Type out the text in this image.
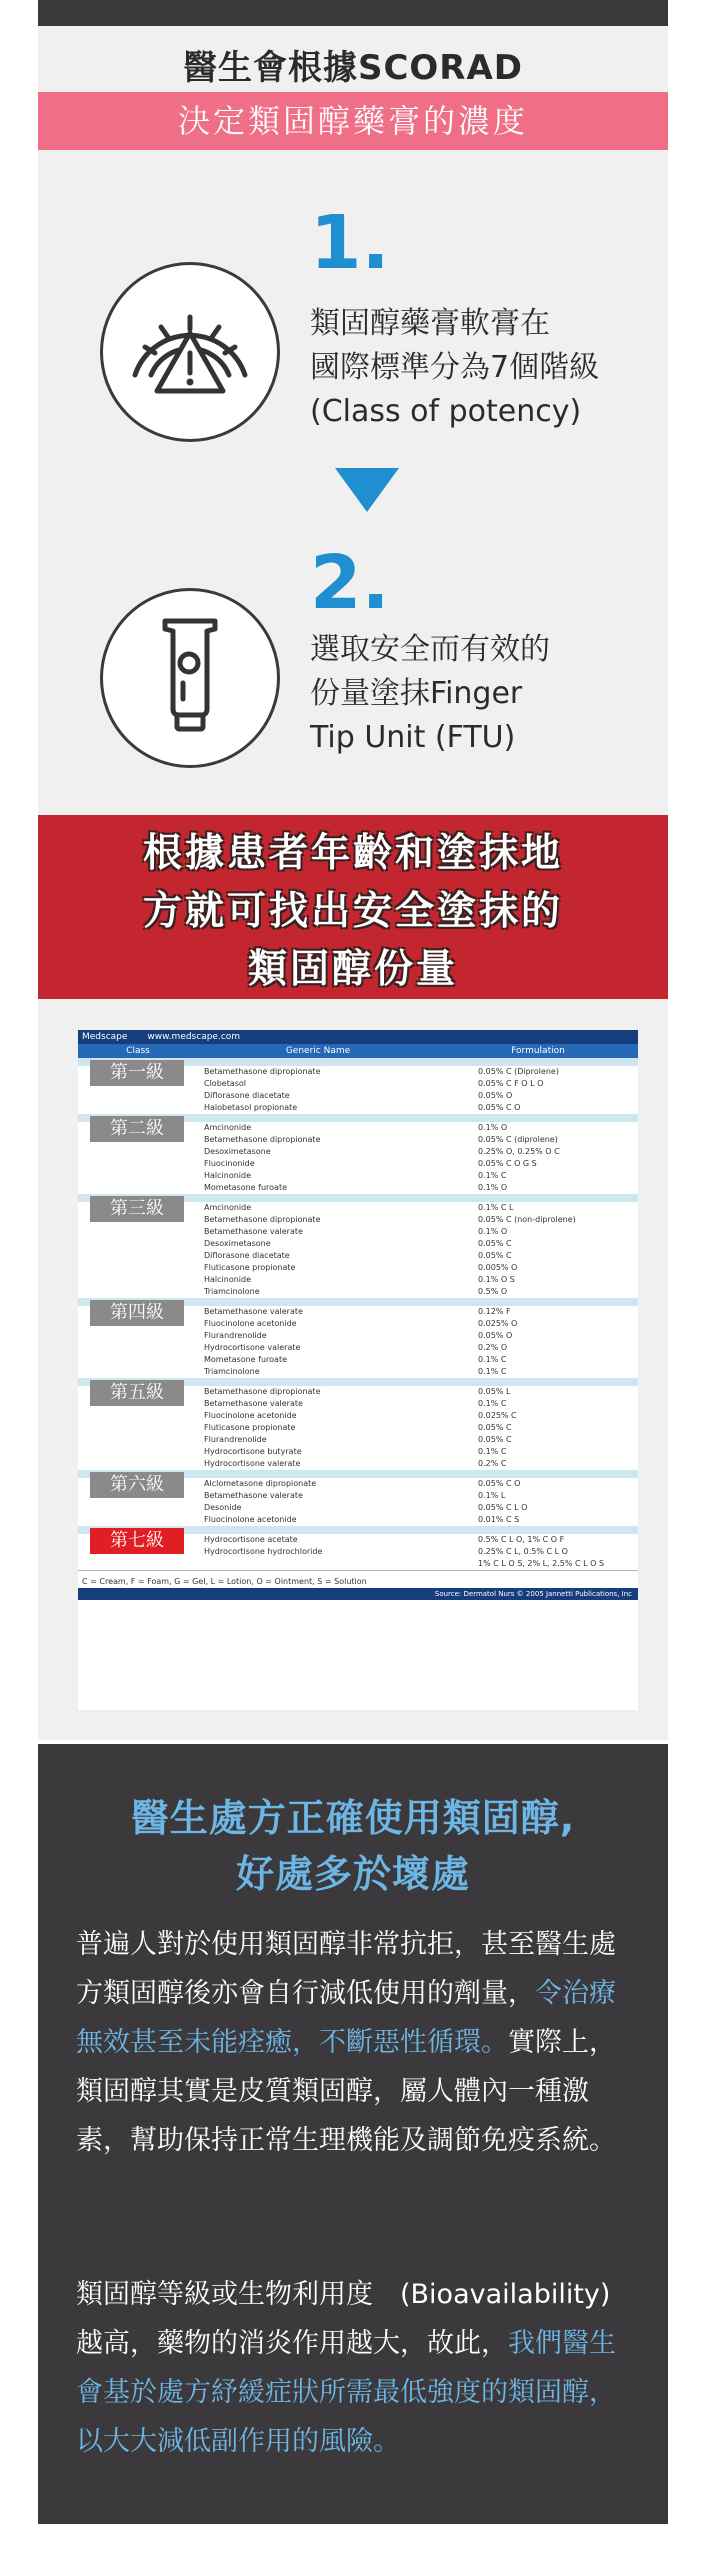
醫生會根據SCORAD
決定類固醇藥膏的濃度
1.
類固醇藥膏軟膏在
國際標準分為7個階級
(Class of potency)
2.
選取安全而有效的
份量塗抹Finger
Tip Unit (FTU)
根據患者年齡和塗抹地
方就可找出安全塗抹的
類固醇份量
Medscape www.medscape.com
Class	Generic Name	Formulation
第一級	Betamethasone dipropionate	0.05% C (Diprolene)
Clobetasol	0.05% C F O L O
Diflorasone diacetate	0.05% O
Halobetasol propionate	0.05% C O
第二級	Amcinonide	0.1% O
Betamethasone dipropionate	0.05% C (diprolene)
Desoximetasone	0.25% O, 0.25% O C
Fluocinonide	0.05% C O G S
Halcinonide	0.1% C
Mometasone furoate	0.1% O
第三級	Amcinonide	0.1% C L
Betamethasone dipropionate	0.05% C (non-diprolene)
Betamethasone valerate	0.1% O
Desoximetasone	0.05% C
Diflorasone diacetate	0.05% C
Fluticasone propionate	0.005% O
Halcinonide	0.1% O S
Triamcinolone	0.5% O
第四級	Betamethasone valerate	0.12% F
Fluocinolone acetonide	0.025% O
Flurandrenolide	0.05% O
Hydrocortisone valerate	0.2% O
Mometasone furoate	0.1% C
Triamcinolone	0.1% C
第五級	Betamethasone dipropionate	0.05% L
Betamethasone valerate	0.1% C
Fluocinolone acetonide	0.025% C
Fluticasone propionate	0.05% C
Flurandrenolide	0.05% C
Hydrocortisone butyrate	0.1% C
Hydrocortisone valerate	0.2% C
第六級	Alclometasone dipropionate	0.05% C O
Betamethasone valerate	0.1% L
Desonide	0.05% C L O
Fluocinolone acetonide	0.01% C S
第七級	Hydrocortisone acetate	0.5% C L O, 1% C O F
Hydrocortisone hydrochloride	0.25% C L, 0.5% C L O
1% C L O S, 2% L, 2.5% C L O S
C = Cream, F = Foam, G = Gel, L = Lotion, O = Ointment, S = Solution
Source: Dermatol Nurs © 2005 Jannetti Publications, Inc
醫生處方正確使用類固醇,
好處多於壞處
普遍人對於使用類固醇非常抗拒，甚至醫生處方類固醇後亦會自行減低使用的劑量，令治療無效甚至未能痊癒，不斷惡性循環。實際上，類固醇其實是皮質類固醇，屬人體內一種激素，幫助保持正常生理機能及調節免疫系統。
類固醇等級或生物利用度　(Bioavailability)越高，藥物的消炎作用越大，故此，我們醫生會基於處方紓緩症狀所需最低強度的類固醇，以大大減低副作用的風險。
